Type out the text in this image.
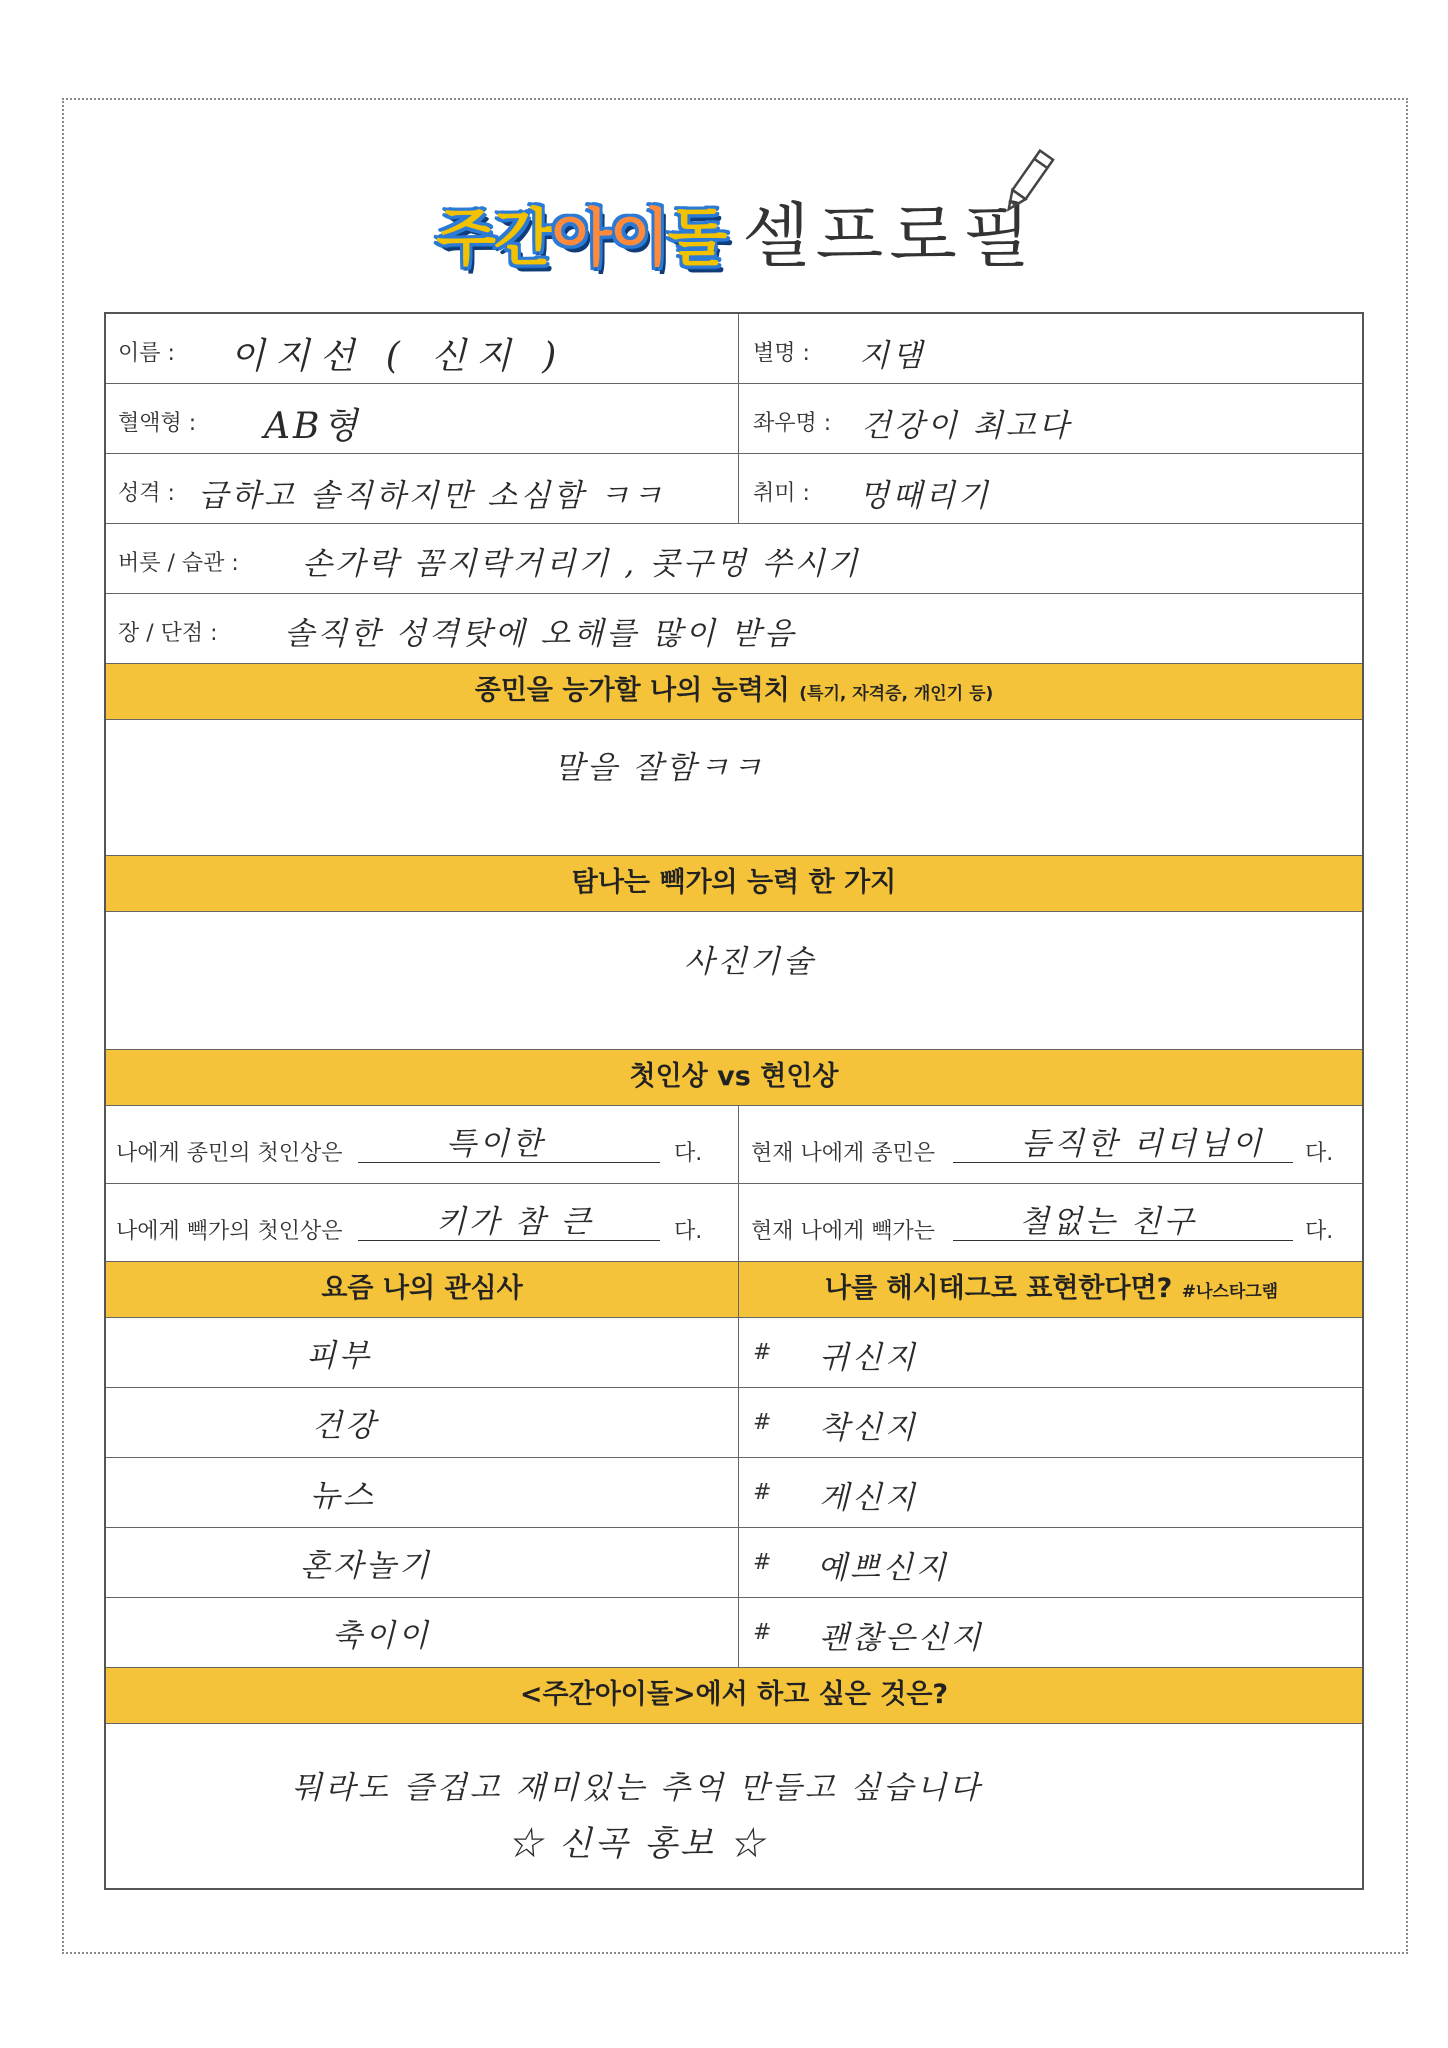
주간아이돌 셀프로필
이름 : 이지선 ( 신지 )	별명 : 지댐
혈액형 : AB형	좌우명 : 건강이 최고다
성격 : 급하고 솔직하지만 소심함 ㅋㅋ	취미 : 멍때리기
버릇 / 습관 : 손가락 꼼지락거리기 , 콧구멍 쑤시기
장 / 단점 : 솔직한 성격탓에 오해를 많이 받음
종민을 능가할 나의 능력치 (특기, 자격증, 개인기 등)
말을 잘함ㅋㅋ
탐나는 빽가의 능력 한 가지
사진기술
첫인상 vs 현인상
나에게 종민의 첫인상은	특이한	다. 현재 나에게 종민은	듬직한 리더님이 다.
나에게 빽가의 첫인상은	키가 참 큰	다. 현재 나에게 빽가는	철없는 친구	다.
요즘 나의 관심사	나를 해시태그로 표현한다면? #나스타그램
피부	# 귀신지
건강	# 착신지
뉴스	# 게신지
혼자놀기	# 예쁘신지
축이이	# 괜찮은신지
<주간아이돌>에서 하고 싶은 것은?
뭐라도 즐겁고 재미있는 추억 만들고 싶습니다
☆ 신곡 홍보 ☆
